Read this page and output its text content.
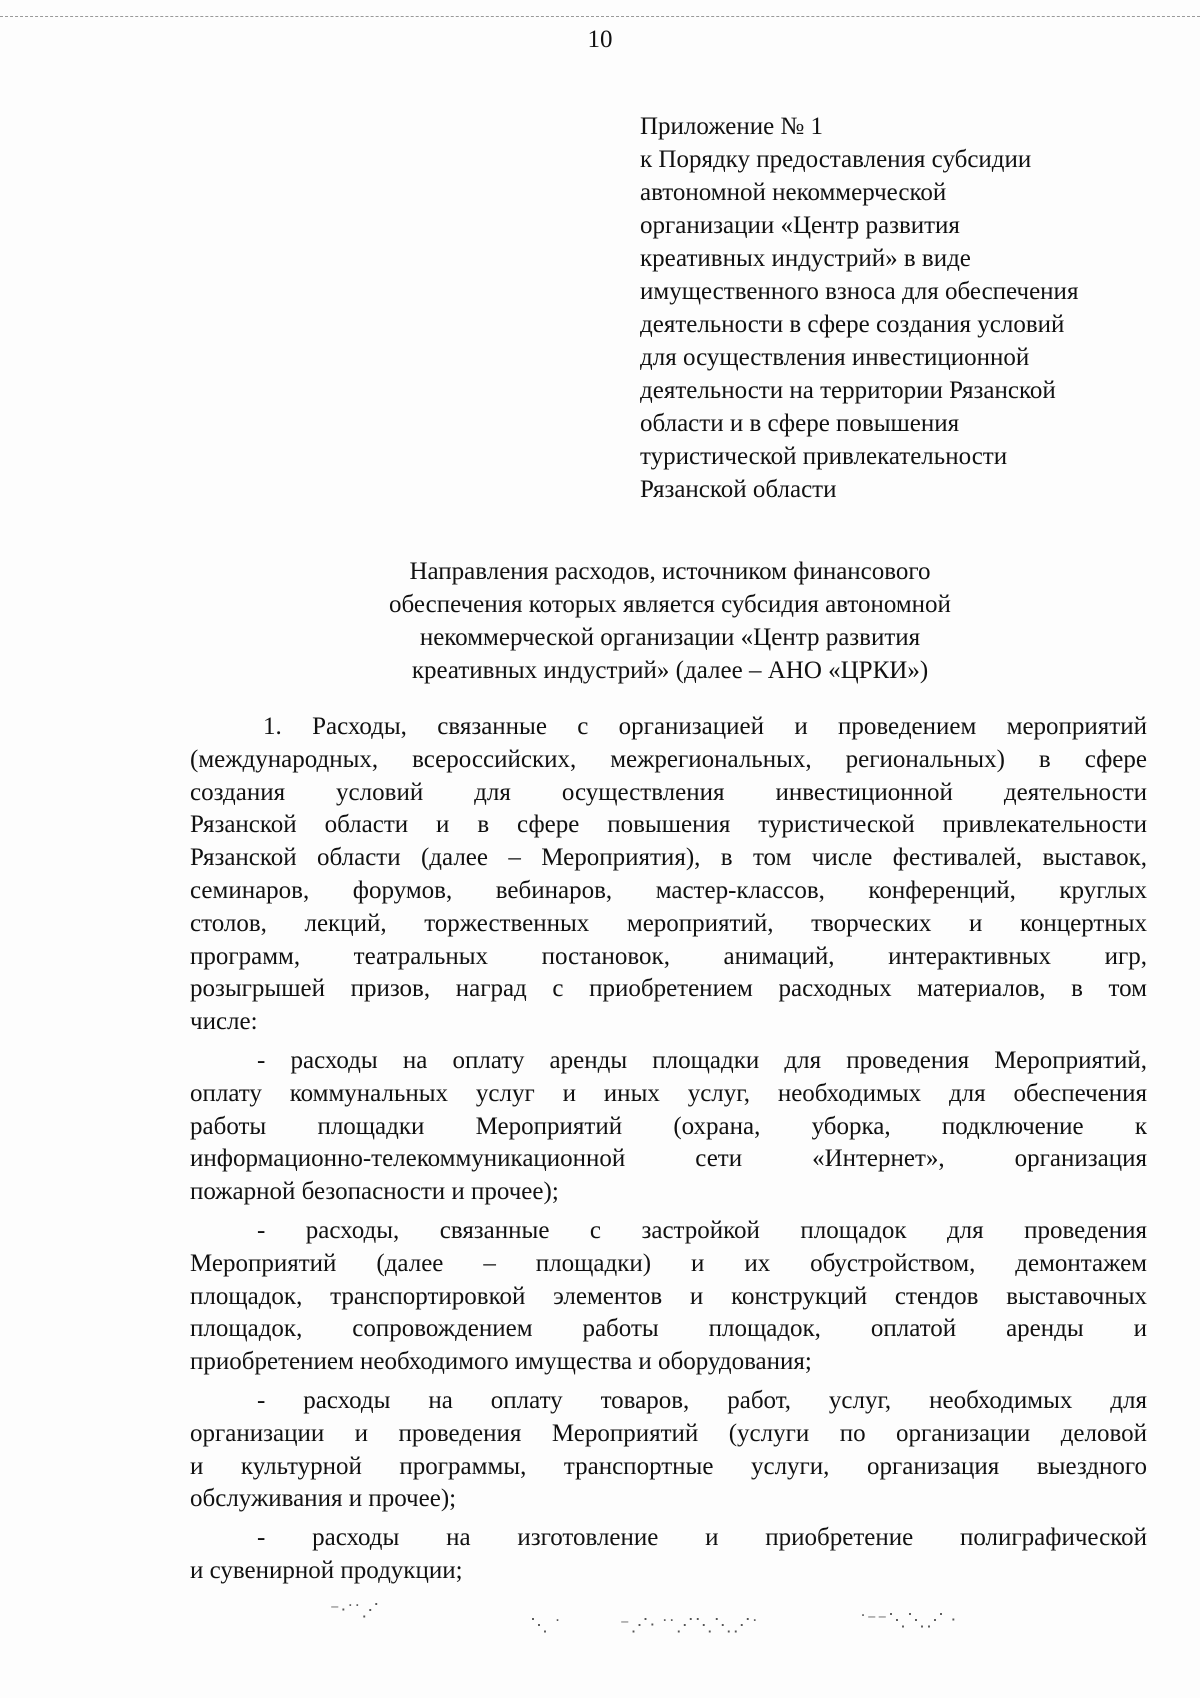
10
Приложение № 1
к Порядку предоставления субсидии
автономной некоммерческой
организации «Центр развития
креативных индустрий» в виде
имущественного взноса для обеспечения
деятельности в сфере создания условий
для осуществления инвестиционной
деятельности на территории Рязанской
области и в сфере повышения
туристической привлекательности
Рязанской области
Направления расходов, источником финансового
обеспечения которых является субсидия автономной
некоммерческой организации «Центр развития
креативных индустрий» (далее – АНО «ЦРКИ»)
1. Расходы, связанные с организацией и проведением мероприятий
(международных, всероссийских, межрегиональных, региональных) в сфере
создания условий для осуществления инвестиционной деятельности
Рязанской области и в сфере повышения туристической привлекательности
Рязанской области (далее – Мероприятия), в том числе фестивалей, выставок,
семинаров, форумов, вебинаров, мастер-классов, конференций, круглых
столов, лекций, торжественных мероприятий, творческих и концертных
программ, театральных постановок, анимаций, интерактивных игр,
розыгрышей призов, наград с приобретением расходных материалов, в том
числе:
- расходы на оплату аренды площадки для проведения Мероприятий,
оплату коммунальных услуг и иных услуг, необходимых для обеспечения
работы площадки Мероприятий (охрана, уборка, подключение к
информационно-телекоммуникационной сети «Интернет», организация
пожарной безопасности и прочее);
- расходы, связанные с застройкой площадок для проведения
Мероприятий (далее – площадки) и их обустройством, демонтажем
площадок, транспортировкой элементов и конструкций стендов выставочных
площадок, сопровождением работы площадок, оплатой аренды и
приобретением необходимого имущества и оборудования;
- расходы на оплату товаров, работ, услуг, необходимых для
организации и проведения Мероприятий (услуги по организации деловой
и культурной программы, транспортные услуги, организация выездного
обслуживания и прочее);
- расходы на изготовление и приобретение полиграфической
и сувенирной продукции;
⁻⋅˙˙⋰
⋱ ˙	⁻⋰⋅ ˙˙⋰⋱⋱⋰˙	˙⁻⁻⋱⋱⋰ ⋅
